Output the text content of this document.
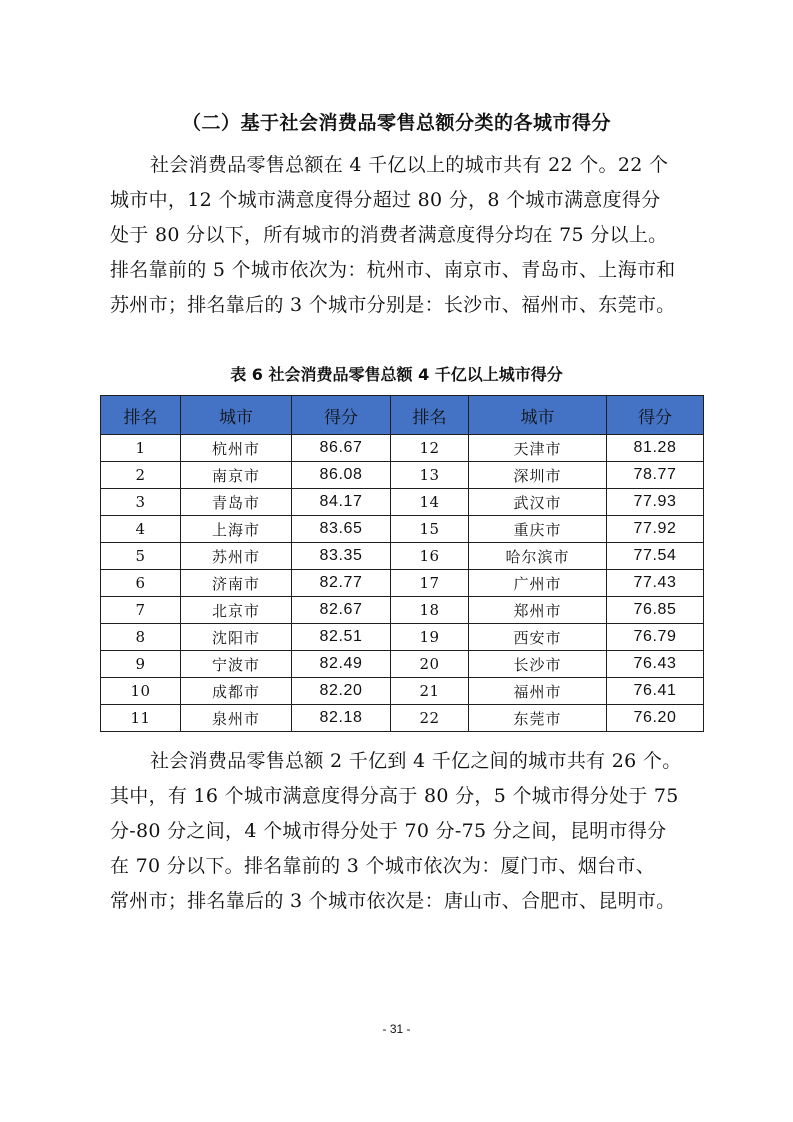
（二）基于社会消费品零售总额分类的各城市得分
社会消费品零售总额在 4 千亿以上的城市共有 22 个。22 个
城市中，12 个城市满意度得分超过 80 分，8 个城市满意度得分
处于 80 分以下，所有城市的消费者满意度得分均在 75 分以上。
排名靠前的 5 个城市依次为：杭州市、南京市、青岛市、上海市和
苏州市；排名靠后的 3 个城市分别是：长沙市、福州市、东莞市。
表 6 社会消费品零售总额 4 千亿以上城市得分
排名	城市	得分	排名	城市	得分
1	杭州市	86.67	12	天津市	81.28
2	南京市	86.08	13	深圳市	78.77
3	青岛市	84.17	14	武汉市	77.93
4	上海市	83.65	15	重庆市	77.92
5	苏州市	83.35	16	哈尔滨市	77.54
6	济南市	82.77	17	广州市	77.43
7	北京市	82.67	18	郑州市	76.85
8	沈阳市	82.51	19	西安市	76.79
9	宁波市	82.49	20	长沙市	76.43
10	成都市	82.20	21	福州市	76.41
11	泉州市	82.18	22	东莞市	76.20
社会消费品零售总额 2 千亿到 4 千亿之间的城市共有 26 个。
其中，有 16 个城市满意度得分高于 80 分，5 个城市得分处于 75
分-80 分之间，4 个城市得分处于 70 分-75 分之间，昆明市得分
在 70 分以下。排名靠前的 3 个城市依次为：厦门市、烟台市、
常州市；排名靠后的 3 个城市依次是：唐山市、合肥市、昆明市。
- 31 -
